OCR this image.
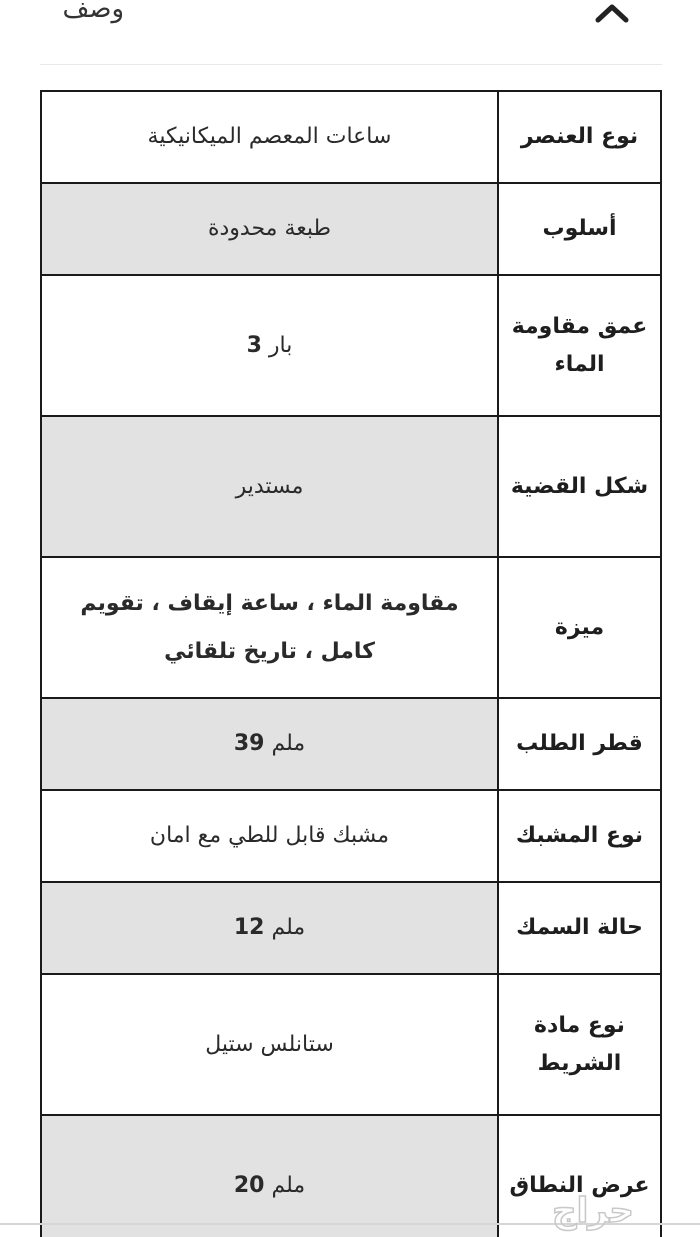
وصف
نوع العنصر	ساعات المعصم الميكانيكية
أسلوب	طبعة محدودة
عمق مقاومة الماء	بار 3
شكل القضية	مستدير
ميزة	مقاومة الماء ، ساعة إيقاف ، تقويم كامل ، تاريخ تلقائي
قطر الطلب	ملم 39
نوع المشبك	مشبك قابل للطي مع امان
حالة السمك	ملم 12
نوع مادة الشريط	ستانلس ستيل
عرض النطاق	ملم 20
حراج
